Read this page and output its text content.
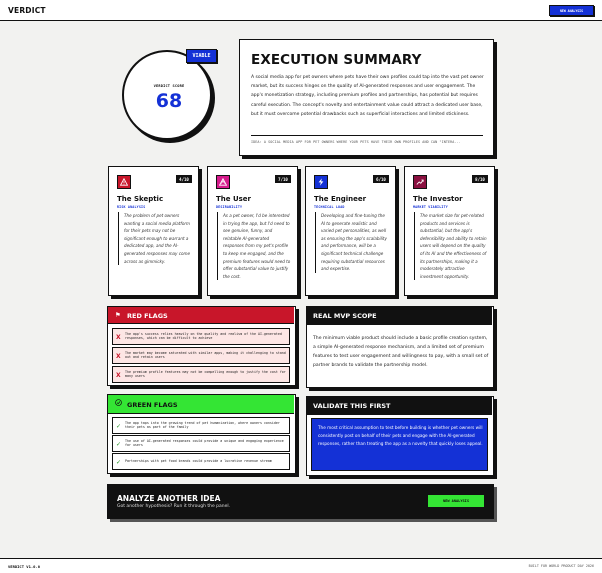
VERDICT	NEW ANALYSIS
VERDICT SCORE
68
VIABLE	EXECUTION SUMMARY
A social media app for pet owners where pets have their own profiles could tap into the vast pet owner market, but its success hinges on the quality of AI-generated responses and user engagement. The app's monetization strategy, including premium profiles and partnerships, has potential but requires careful execution. The concept's novelty and entertainment value could attract a dedicated user base, but it must overcome potential drawbacks such as superficial interactions and limited stickiness.
IDEA: A SOCIAL MEDIA APP FOR PET OWNERS WHERE YOUR PETS HAVE THEIR OWN PROFILES AND CAN "INTERA...
4/10
The Skeptic
RISK ANALYSIS
The problem of pet owners wanting a social media platform for their pets may not be significant enough to warrant a dedicated app, and the AI-generated responses may come across as gimmicky.
7/10
The User
DESIRABILITY
As a pet owner, I'd be interested in trying the app, but I'd need to see genuine, funny, and relatable AI-generated responses from my pet's profile to keep me engaged, and the premium features would need to offer substantial value to justify the cost.
6/10
The Engineer
TECHNICAL LOAD
Developing and fine-tuning the AI to generate realistic and varied pet personalities, as well as ensuring the app's scalability and performance, will be a significant technical challenge requiring substantial resources and expertise.
8/10
The Investor
MARKET VIABILITY
The market size for pet-related products and services is substantial, but the app's defensibility and ability to retain users will depend on the quality of its AI and the effectiveness of its partnerships, making it a moderately attractive investment opportunity.
⚑ RED FLAGS
X The app's success relies heavily on the quality and realism of the AI-generated responses, which can be difficult to achieve
X The market may become saturated with similar apps, making it challenging to stand out and retain users
X The premium profile features may not be compelling enough to justify the cost for many users
GREEN FLAGS
✓ The app taps into the growing trend of pet humanization, where owners consider their pets as part of the family
✓ The use of AI-generated responses could provide a unique and engaging experience for users
✓ Partnerships with pet food brands could provide a lucrative revenue stream
REAL MVP SCOPE
The minimum viable product should include a basic profile creation system, a simple AI-generated response mechanism, and a limited set of premium features to test user engagement and willingness to pay, with a small set of partner brands to validate the partnership model.
VALIDATE THIS FIRST
The most critical assumption to test before building is whether pet owners will consistently post on behalf of their pets and engage with the AI-generated responses, rather than treating the app as a novelty that quickly loses appeal.
ANALYZE ANOTHER IDEA
Got another hypothesis? Run it through the panel.
NEW ANALYSIS
VERDICT V1.0.0	BUILT FOR WORLD PRODUCT DAY 2026
